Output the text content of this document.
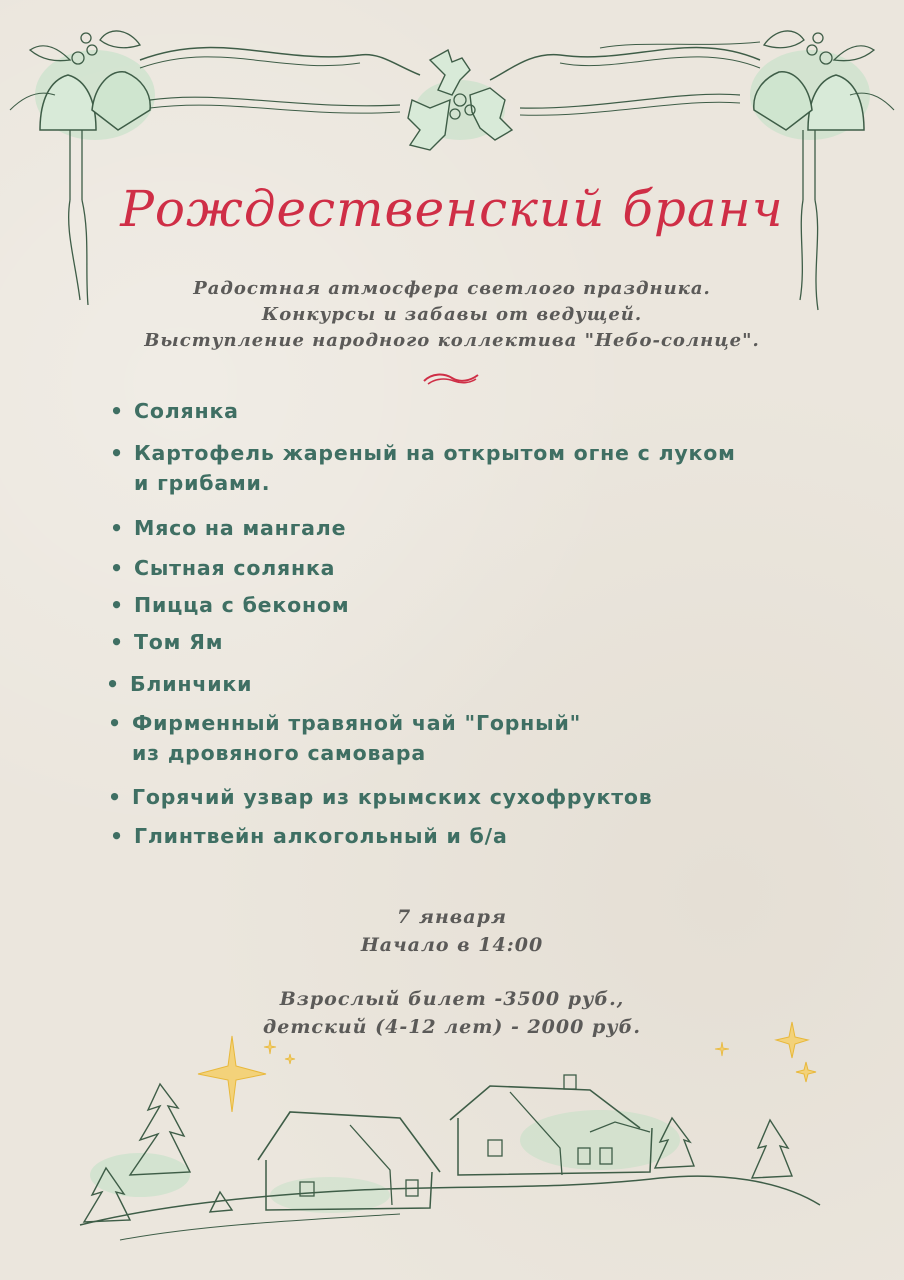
Рождественский бранч
Радостная атмосфера светлого праздника.
Конкурсы и забавы от ведущей.
Выступление народного коллектива "Небо-солнце".
• Солянка
• Картофель жареный на открытом огне с луком
и грибами.
• Мясо на мангале
• Сытная солянка
• Пицца с беконом
• Том Ям
• Блинчики
• Фирменный травяной чай "Горный"
из дровяного самовара
• Горячий узвар из крымских сухофруктов
• Глинтвейн алкогольный и б/а
7 января
Начало в 14:00
Взрослый билет -3500 руб.,
детский (4-12 лет) - 2000 руб.
